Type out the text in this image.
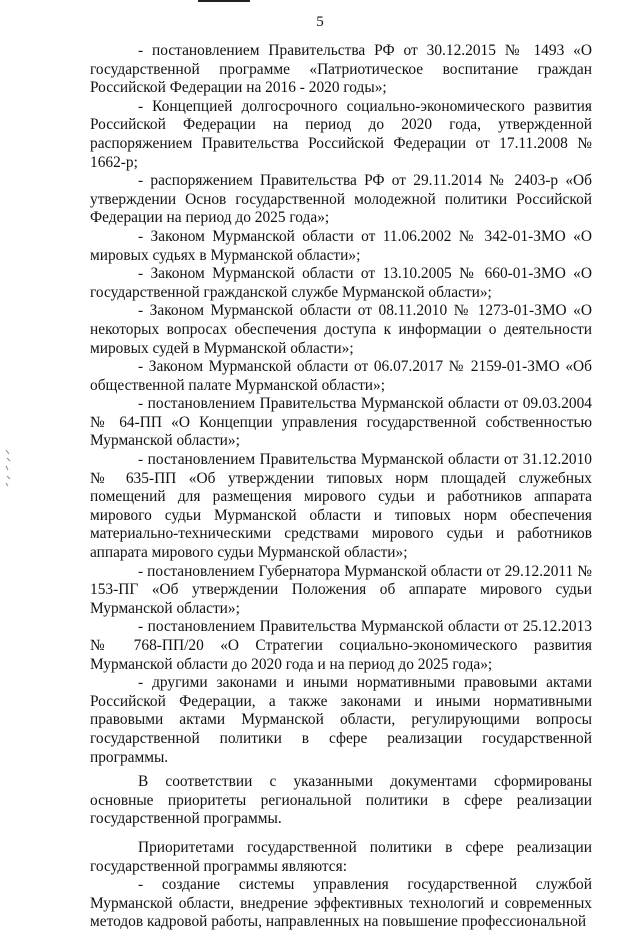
5

- постановлением Правительства РФ от 30.12.2015 № 1493 «О государственной программе «Патриотическое воспитание граждан Российской Федерации на 2016 - 2020 годы»;

- Концепцией долгосрочного социально-экономического развития Российской Федерации на период до 2020 года, утвержденной распоряжением Правительства Российской Федерации от 17.11.2008 № 1662-р;

- распоряжением Правительства РФ от 29.11.2014 № 2403-р «Об утверждении Основ государственной молодежной политики Российской Федерации на период до 2025 года»;

- Законом Мурманской области от 11.06.2002 № 342-01-ЗМО «О мировых судьях в Мурманской области»;

- Законом Мурманской области от 13.10.2005 № 660-01-ЗМО «О государственной гражданской службе Мурманской области»;

- Законом Мурманской области от 08.11.2010 № 1273-01-ЗМО «О некоторых вопросах обеспечения доступа к информации о деятельности мировых судей в Мурманской области»;

- Законом Мурманской области от 06.07.2017 № 2159-01-ЗМО «Об общественной палате Мурманской области»;

- постановлением Правительства Мурманской области от 09.03.2004 № 64-ПП «О Концепции управления государственной собственностью Мурманской области»;

- постановлением Правительства Мурманской области от 31.12.2010 № 635-ПП «Об утверждении типовых норм площадей служебных помещений для размещения мирового судьи и работников аппарата мирового судьи Мурманской области и типовых норм обеспечения материально-техническими средствами мирового судьи и работников аппарата мирового судьи Мурманской области»;

- постановлением Губернатора Мурманской области от 29.12.2011 № 153-ПГ «Об утверждении Положения об аппарате мирового судьи Мурманской области»;

- постановлением Правительства Мурманской области от 25.12.2013 № 768-ПП/20 «О Стратегии социально-экономического развития Мурманской области до 2020 года и на период до 2025 года»;

- другими законами и иными нормативными правовыми актами Российской Федерации, а также законами и иными нормативными правовыми актами Мурманской области, регулирующими вопросы государственной политики в сфере реализации государственной программы.

В соответствии с указанными документами сформированы основные приоритеты региональной политики в сфере реализации государственной программы.

Приоритетами государственной политики в сфере реализации государственной программы являются:

- создание системы управления государственной службой Мурманской области, внедрение эффективных технологий и современных методов кадровой работы, направленных на повышение профессиональной
